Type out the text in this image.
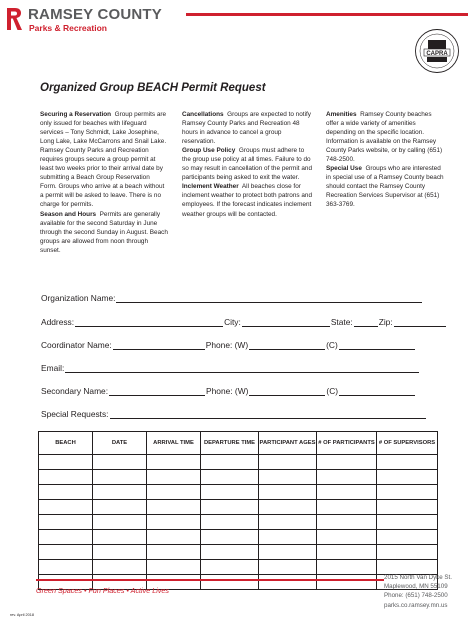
RAMSEY COUNTY
Parks & Recreation
CAPRA
Organized Group BEACH Permit Request

Securing a Reservation Group permits are only issued for beaches with lifeguard services – Tony Schmidt, Lake Josephine, Long Lake, Lake McCarrons and Snail Lake. Ramsey County Parks and Recreation requires groups secure a group permit at least two weeks prior to their arrival date by submitting a Beach Group Reservation Form. Groups who arrive at a beach without a permit will be asked to leave. There is no charge for permits.

Season and Hours Permits are generally available for the second Saturday in June through the second Sunday in August. Beach groups are allowed from noon through sunset.

Cancellations Groups are expected to notify Ramsey County Parks and Recreation 48 hours in advance to cancel a group reservation.

Group Use Policy Groups must adhere to the group use policy at all times. Failure to do so may result in cancellation of the permit and participants being asked to exit the water.

Inclement Weather All beaches close for inclement weather to protect both patrons and employees. If the forecast indicates inclement weather groups will be contacted.

Amenities Ramsey County beaches offer a wide variety of amenities depending on the specific location. Information is available on the Ramsey County Parks website, or by calling (651) 748-2500.

Special Use Groups who are interested in special use of a Ramsey County beach should contact the Ramsey County Recreation Services Supervisor at (651) 363-3769.

Organization Name:
Address:	City:	State:	Zip:
Coordinator Name:	Phone: (W)	(C)
Email:
Secondary Name:	Phone: (W)	(C)
Special Requests:
BEACH	DATE	ARRIVAL TIME	DEPARTURE TIME	PARTICIPANT AGES	# OF PARTICIPANTS	# OF SUPERVISORS

Green Spaces • Fun Places • Active Lives
2015 North Van Dyke St.
Maplewood, MN 55109
Phone: (651) 748-2500
parks.co.ramsey.mn.us
rev. April 2018
